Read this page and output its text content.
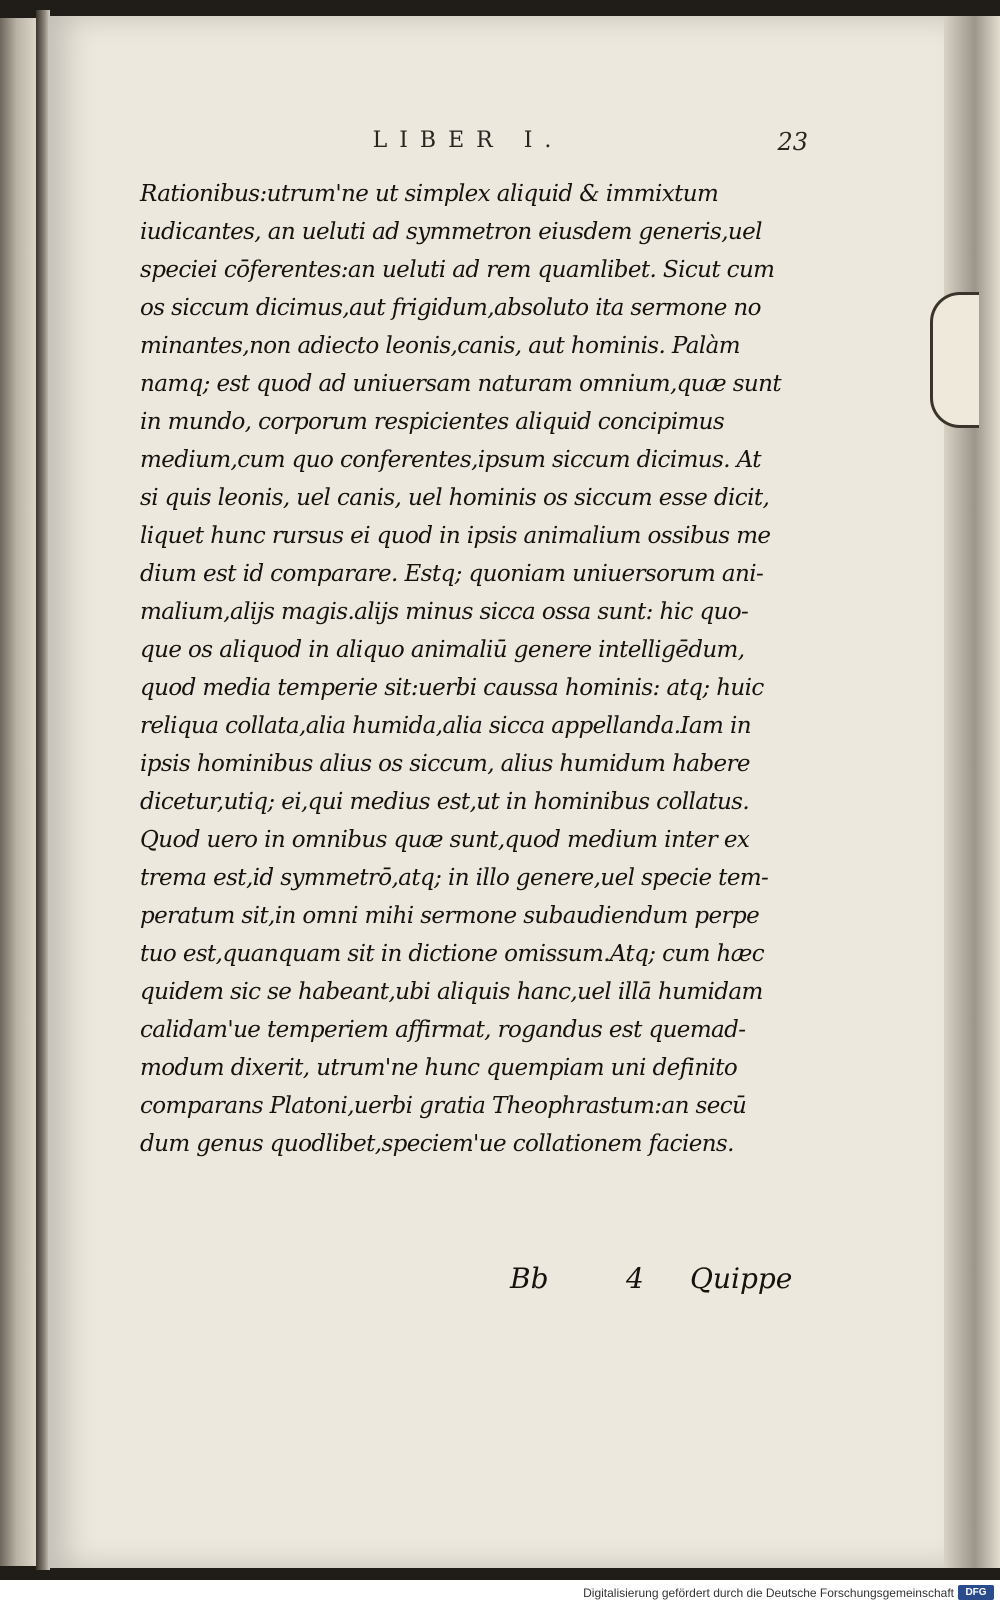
LIBER I.	23
Rationibus:utrum'ne ut simplex aliquid & immixtum
iudicantes, an ueluti ad symmetron eiusdem generis,uel
speciei cōferentes:an ueluti ad rem quamlibet. Sicut cum
os siccum dicimus,aut frigidum,absoluto ita sermone no
minantes,non adiecto leonis,canis, aut hominis. Palàm
namq; est quod ad uniuersam naturam omnium,quæ sunt
in mundo, corporum respicientes aliquid concipimus
medium,cum quo conferentes,ipsum siccum dicimus. At
si quis leonis, uel canis, uel hominis os siccum esse dicit,
liquet hunc rursus ei quod in ipsis animalium ossibus me
dium est id comparare. Estq; quoniam uniuersorum ani-
malium,alijs magis.alijs minus sicca ossa sunt: hic quo-
que os aliquod in aliquo animaliū genere intelligēdum,
quod media temperie sit:uerbi caussa hominis: atq; huic
reliqua collata,alia humida,alia sicca appellanda.Iam in
ipsis hominibus alius os siccum, alius humidum habere
dicetur,utiq; ei,qui medius est,ut in hominibus collatus.
Quod uero in omnibus quæ sunt,quod medium inter ex
trema est,id symmetrō,atq; in illo genere,uel specie tem-
peratum sit,in omni mihi sermone subaudiendum perpe
tuo est,quanquam sit in dictione omissum.Atq; cum hæc
quidem sic se habeant,ubi aliquis hanc,uel illā humidam
calidam'ue temperiem affirmat, rogandus est quemad-
modum dixerit, utrum'ne hunc quempiam uni definito
comparans Platoni,uerbi gratia Theophrastum:an secū
dum genus quodlibet,speciem'ue collationem faciens.
Bb	4 Quippe
Digitalisierung gefördert durch die Deutsche Forschungsgemeinschaft	DFG
